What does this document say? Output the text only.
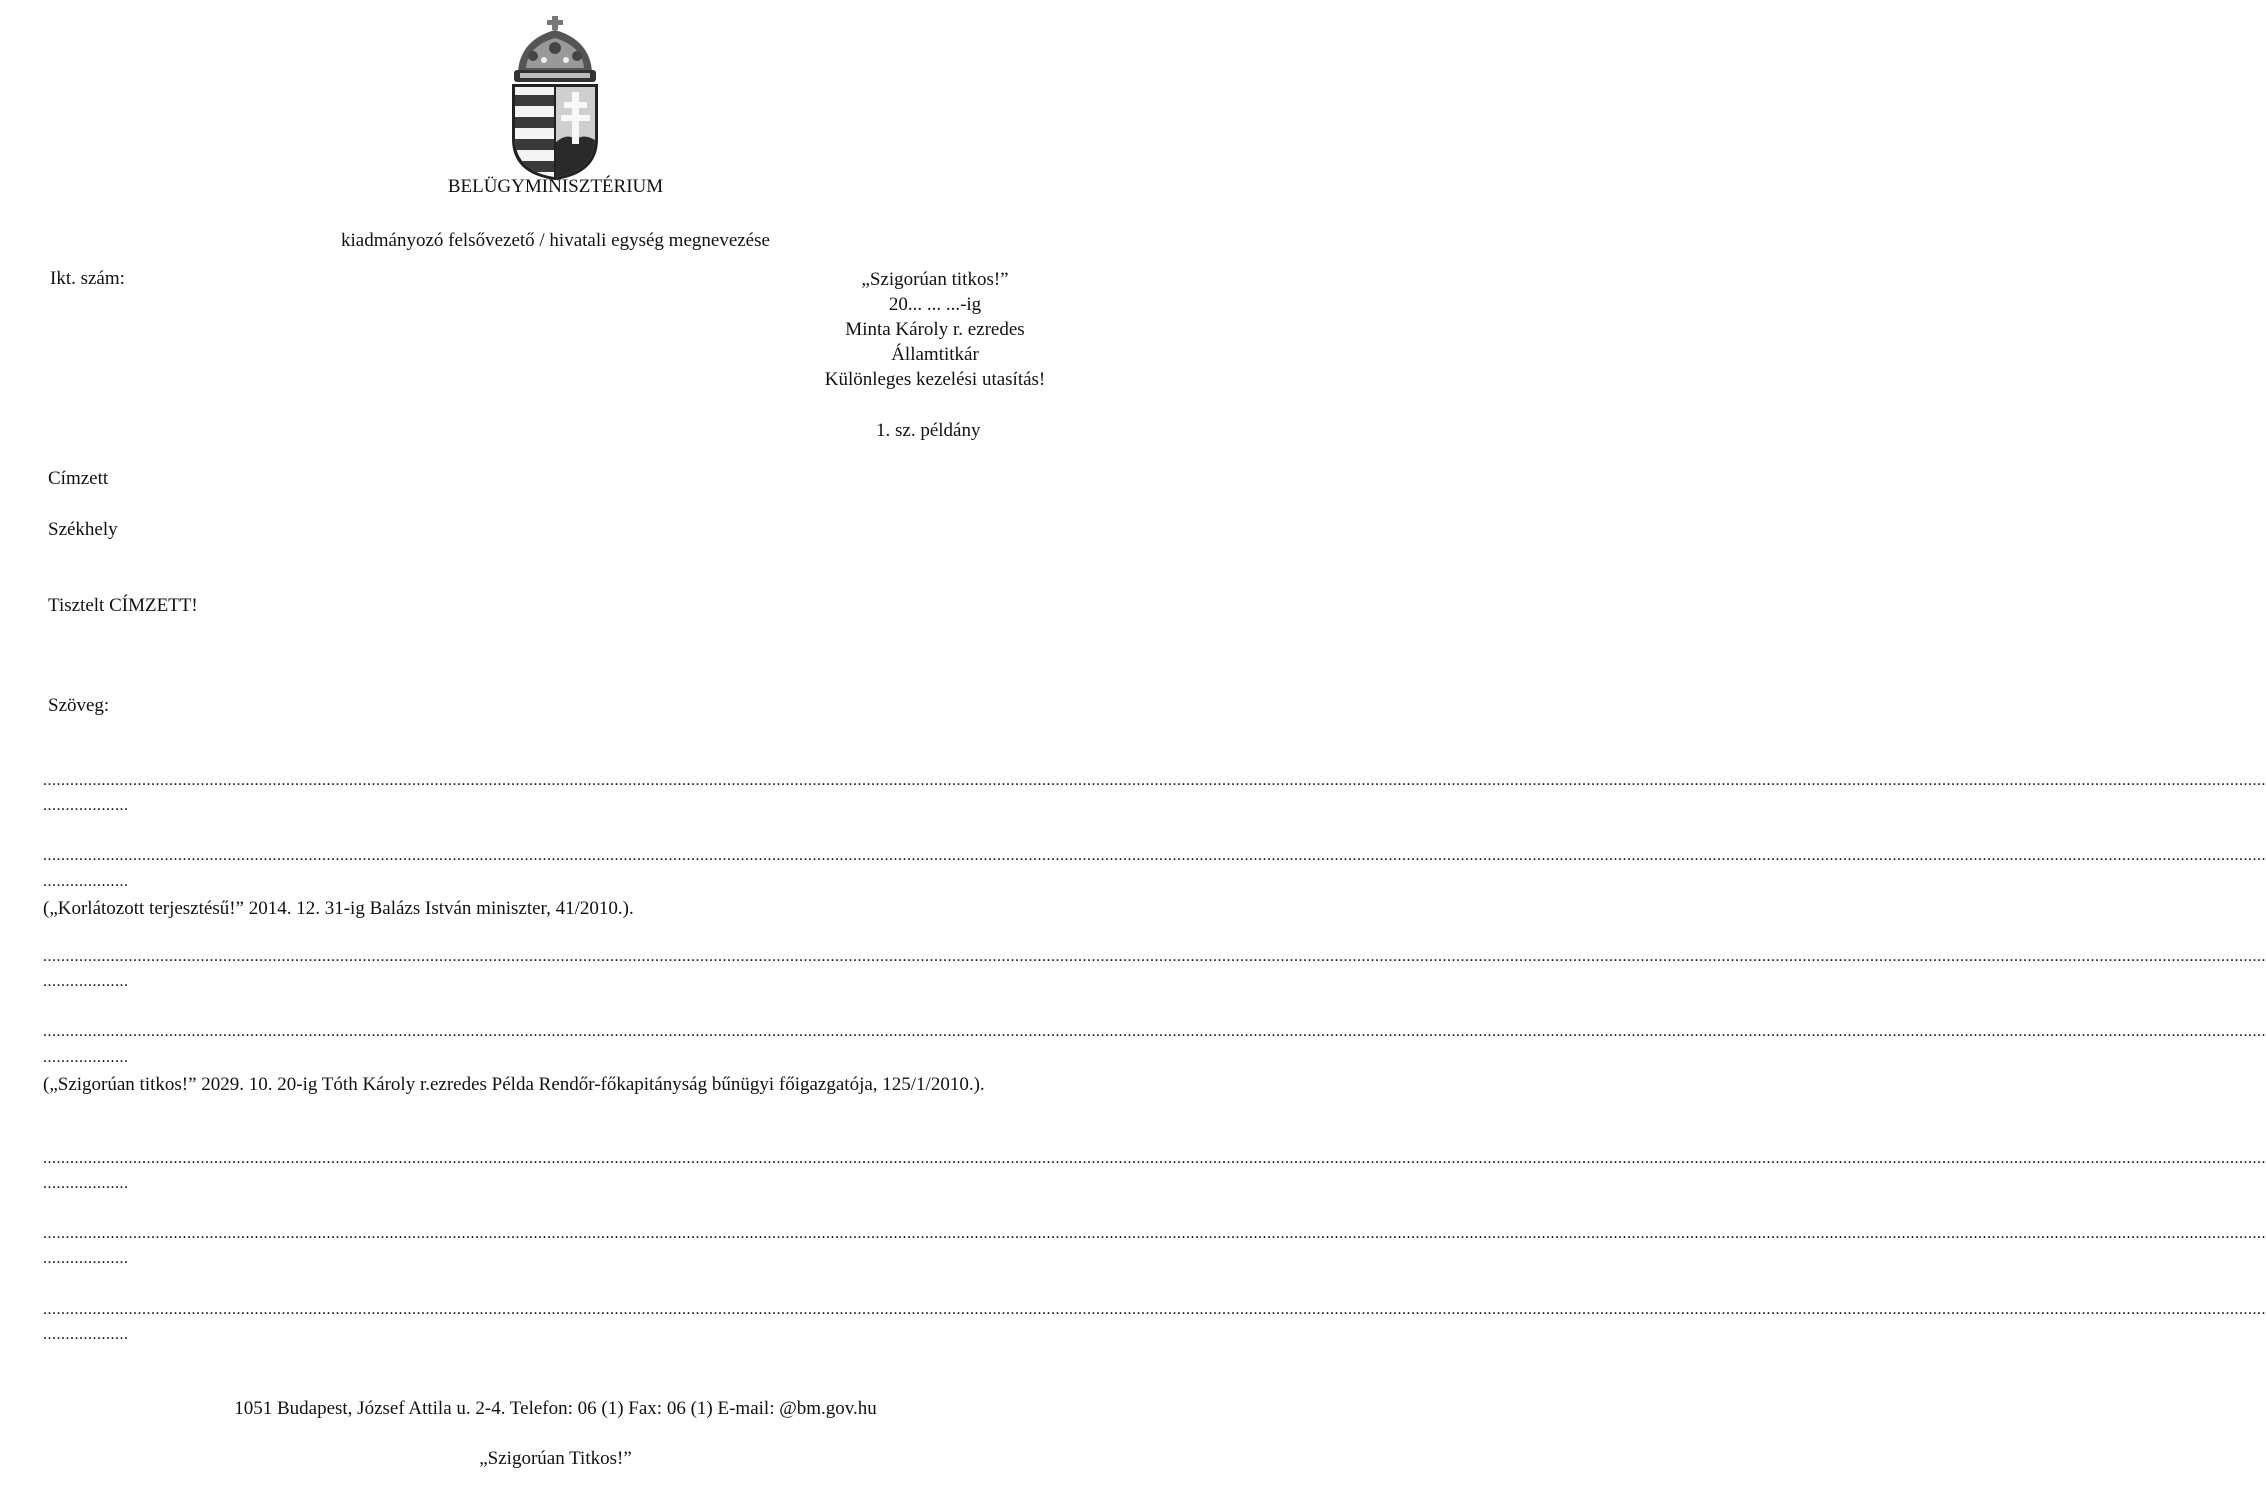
BELÜGYMINISZTÉRIUM
kiadmányozó felsővezető / hivatali egység megnevezése
Ikt. szám:	„Szigorúan titkos!”
20... ... ...-ig
Minta Károly r. ezredes
Államtitkár
Különleges kezelési utasítás!
1. sz. példány
Címzett
Székhely
Tisztelt CÍMZETT!
Szöveg:
..............................................................................................................................................................................................................................................................................................................................................................................................................................................................................................................
...................
..............................................................................................................................................................................................................................................................................................................................................................................................................................................................................................................
...................
(„Korlátozott terjesztésű!” 2014. 12. 31-ig Balázs István miniszter, 41/2010.).
..............................................................................................................................................................................................................................................................................................................................................................................................................................................................................................................
...................
..............................................................................................................................................................................................................................................................................................................................................................................................................................................................................................................
...................
(„Szigorúan titkos!” 2029. 10. 20-ig Tóth Károly r.ezredes Példa Rendőr-főkapitányság bűnügyi főigazgatója, 125/1/2010.).
..............................................................................................................................................................................................................................................................................................................................................................................................................................................................................................................
...................
..............................................................................................................................................................................................................................................................................................................................................................................................................................................................................................................
...................
..............................................................................................................................................................................................................................................................................................................................................................................................................................................................................................................
...................
1051 Budapest, József Attila u. 2-4. Telefon: 06 (1) Fax: 06 (1) E-mail: @bm.gov.hu
„Szigorúan Titkos!”
